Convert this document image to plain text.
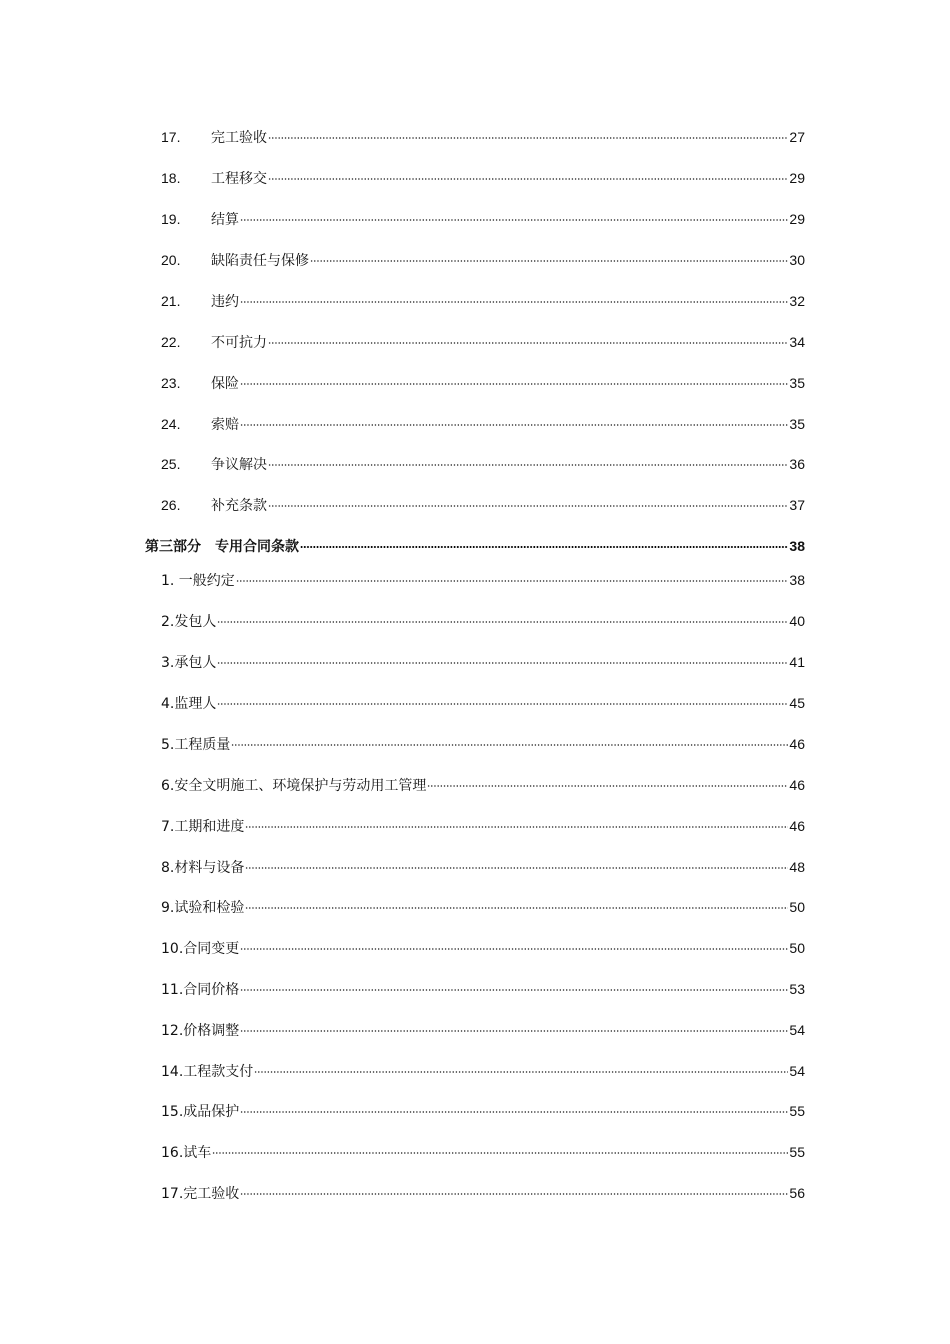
17. 完工验收	27
18. 工程移交	29
19. 结算	29
20. 缺陷责任与保修	30
21. 违约	32
22. 不可抗力	34
23. 保险	35
24. 索赔	35
25. 争议解决	36
26. 补充条款	37
第三部分　专用合同条款	38
1. 一般约定	38
2.发包人	40
3.承包人	41
4.监理人	45
5.工程质量	46
6.安全文明施工、环境保护与劳动用工管理	46
7.工期和进度	46
8.材料与设备	48
9.试验和检验	50
10.合同变更	50
11.合同价格	53
12.价格调整	54
14.工程款支付	54
15.成品保护	55
16.试车	55
17.完工验收	56
